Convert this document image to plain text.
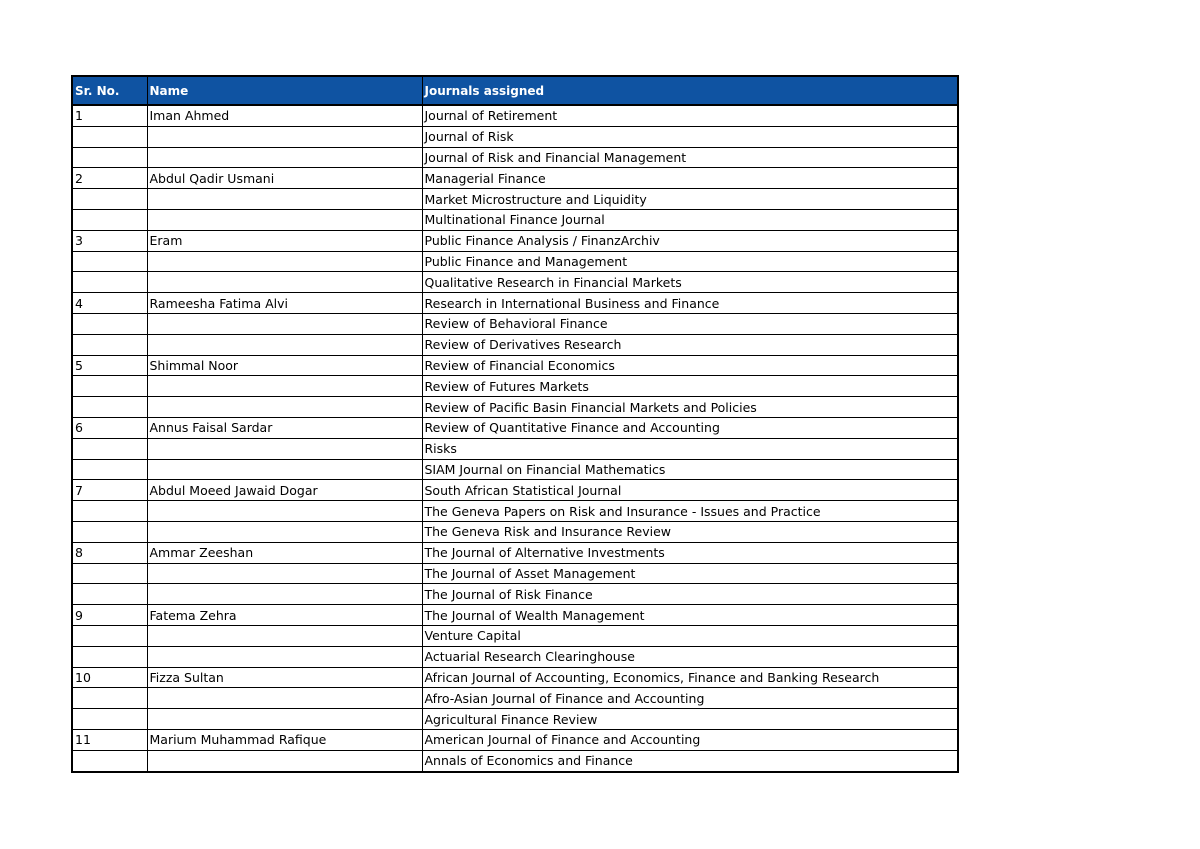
Sr. No.	Name	Journals assigned
1	Iman Ahmed	Journal of Retirement
		Journal of Risk
		Journal of Risk and Financial Management
2	Abdul Qadir Usmani	Managerial Finance
		Market Microstructure and Liquidity
		Multinational Finance Journal
3	Eram	Public Finance Analysis / FinanzArchiv
		Public Finance and Management
		Qualitative Research in Financial Markets
4	Rameesha Fatima Alvi	Research in International Business and Finance
		Review of Behavioral Finance
		Review of Derivatives Research
5	Shimmal Noor	Review of Financial Economics
		Review of Futures Markets
		Review of Pacific Basin Financial Markets and Policies
6	Annus Faisal Sardar	Review of Quantitative Finance and Accounting
		Risks
		SIAM Journal on Financial Mathematics
7	Abdul Moeed Jawaid Dogar	South African Statistical Journal
		The Geneva Papers on Risk and Insurance - Issues and Practice
		The Geneva Risk and Insurance Review
8	Ammar Zeeshan	The Journal of Alternative Investments
		The Journal of Asset Management
		The Journal of Risk Finance
9	Fatema Zehra	The Journal of Wealth Management
		Venture Capital
		Actuarial Research Clearinghouse
10	Fizza Sultan	African Journal of Accounting, Economics, Finance and Banking Research
		Afro-Asian Journal of Finance and Accounting
		Agricultural Finance Review
11	Marium Muhammad Rafique	American Journal of Finance and Accounting
		Annals of Economics and Finance
